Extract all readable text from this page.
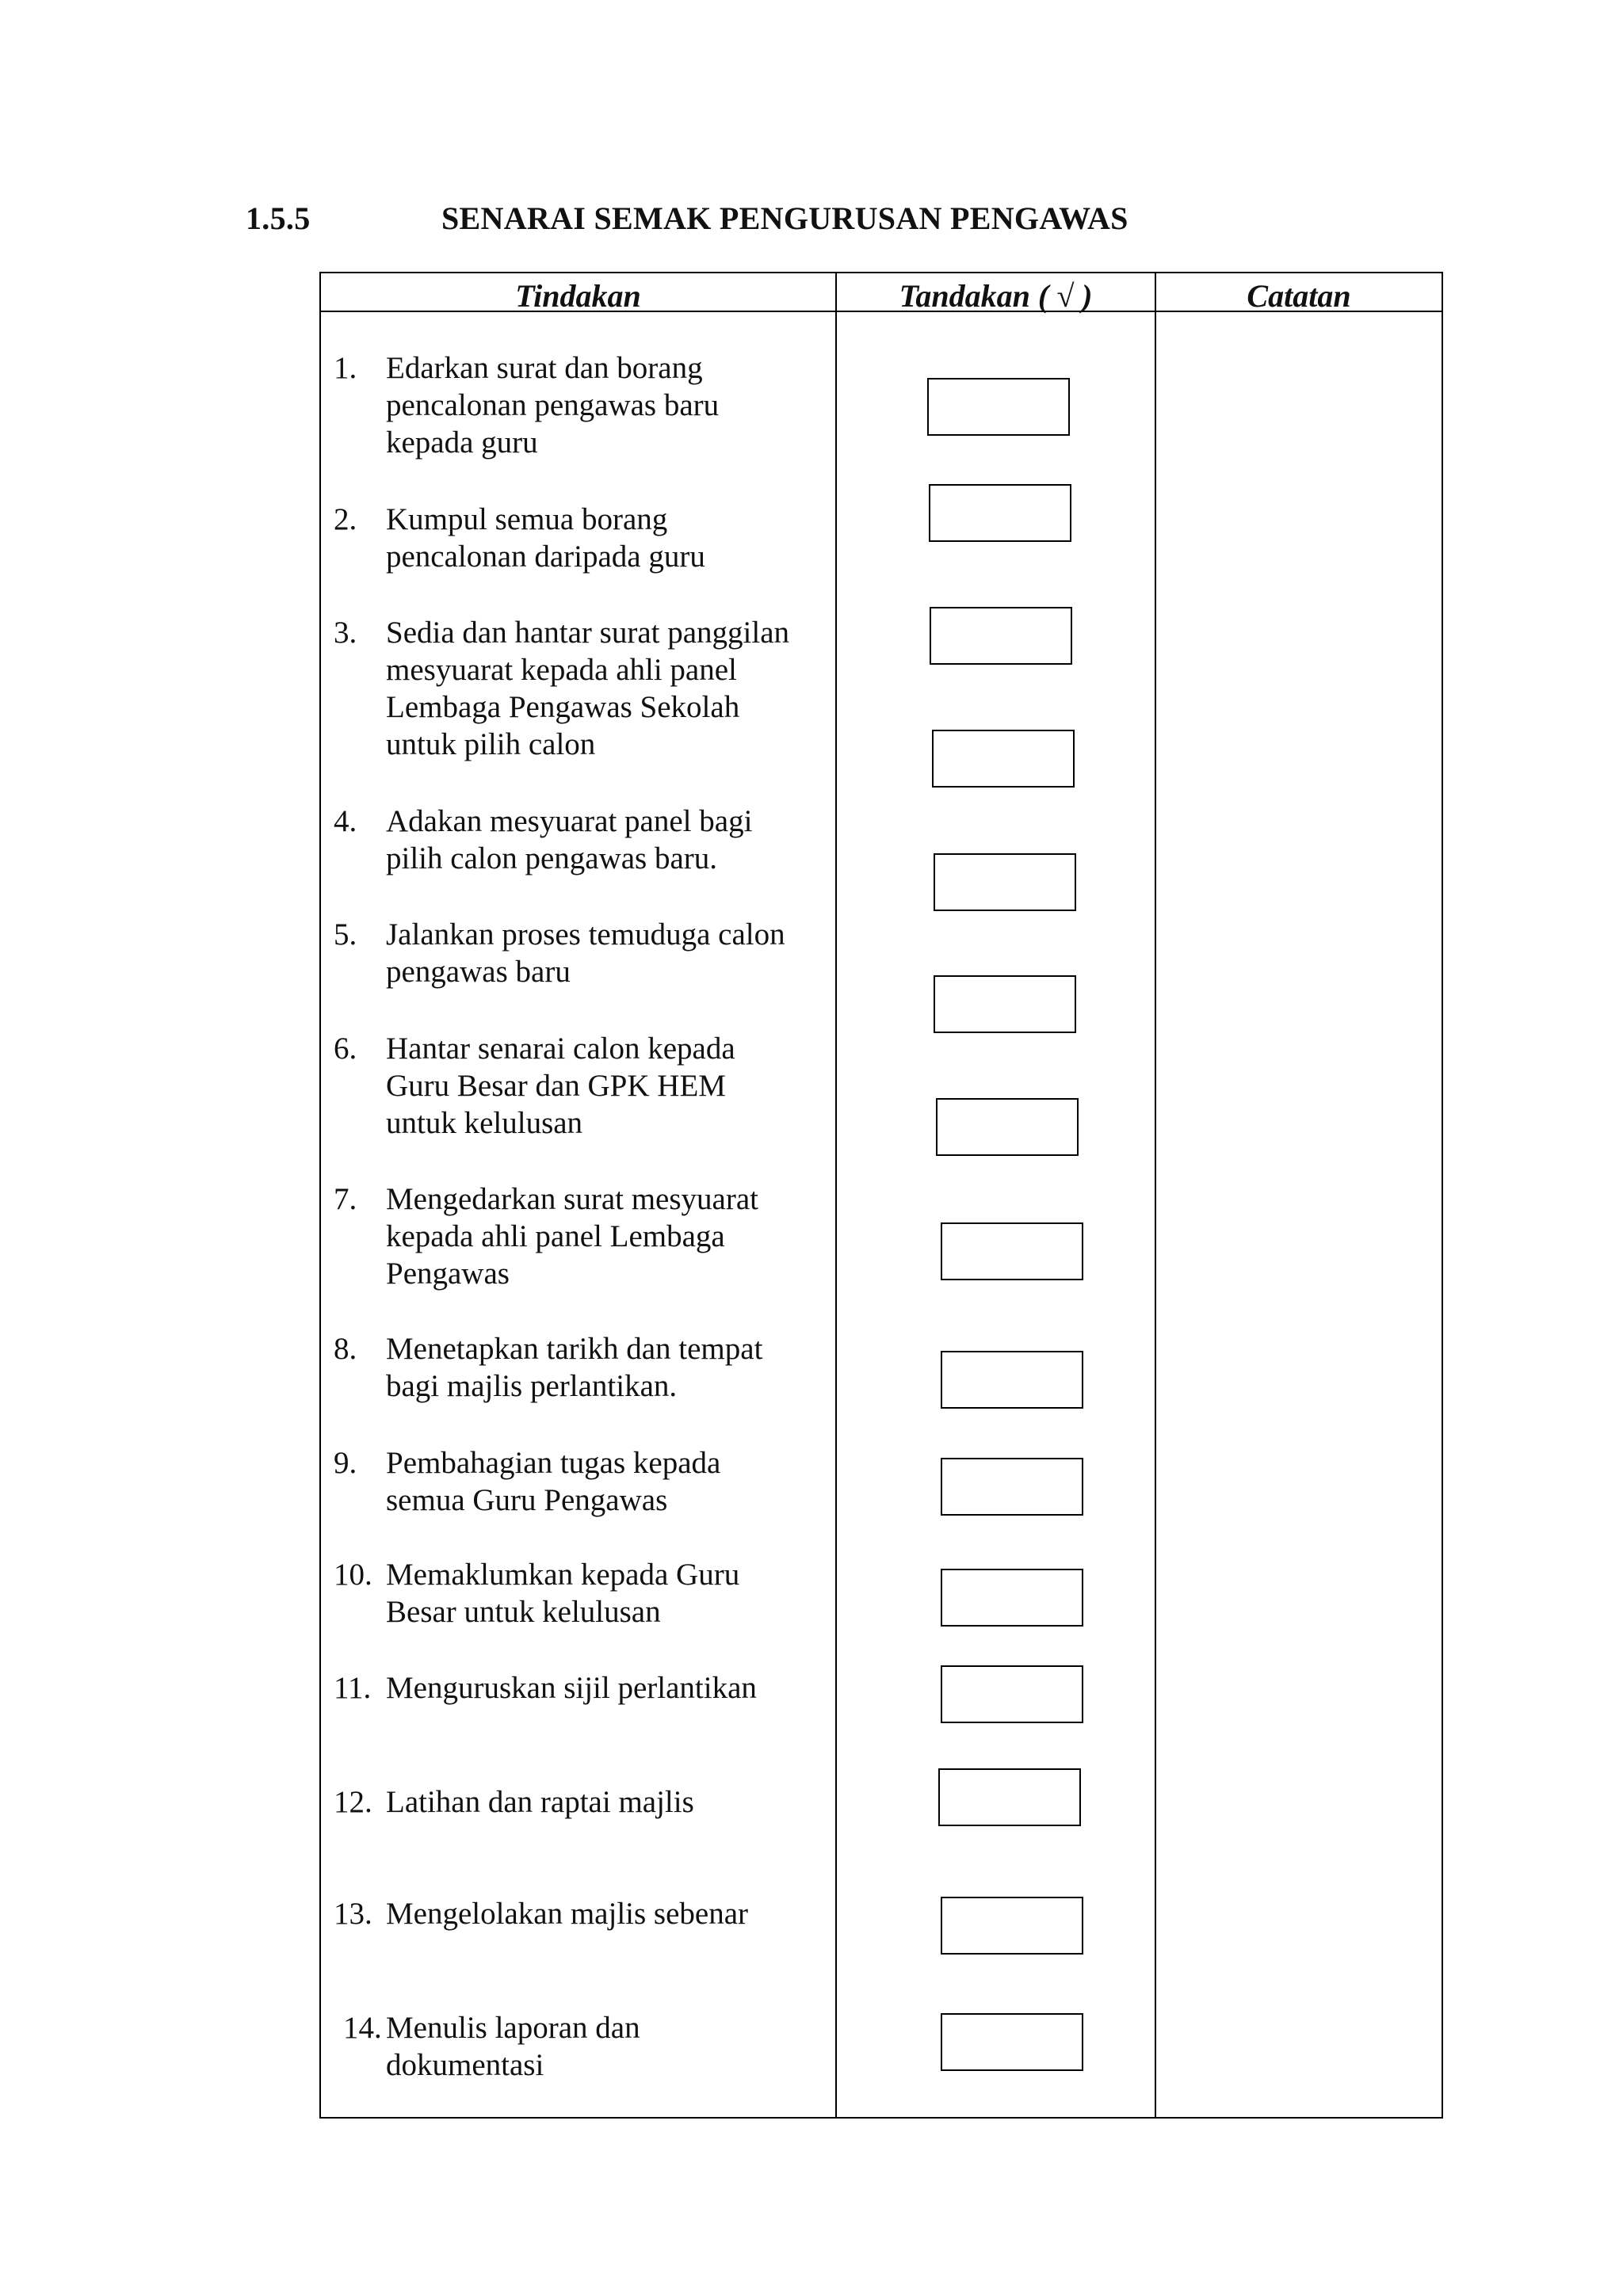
1.5.5	SENARAI SEMAK PENGURUSAN PENGAWAS
Tindakan	Tandakan ( √ )	Catatan
1. Edarkan surat dan borang
pencalonan pengawas baru
kepada guru
2. Kumpul semua borang
pencalonan daripada guru
3. Sedia dan hantar surat panggilan
mesyuarat kepada ahli panel
Lembaga Pengawas Sekolah
untuk pilih calon
4. Adakan mesyuarat panel bagi
pilih calon pengawas baru.
5. Jalankan proses temuduga calon
pengawas baru
6. Hantar senarai calon kepada
Guru Besar dan GPK HEM
untuk kelulusan
7. Mengedarkan surat mesyuarat
kepada ahli panel Lembaga
Pengawas
8. Menetapkan tarikh dan tempat
bagi majlis perlantikan.
9. Pembahagian tugas kepada
semua Guru Pengawas
10. Memaklumkan kepada Guru
Besar untuk kelulusan
11. Menguruskan sijil perlantikan
12. Latihan dan raptai majlis
13. Mengelolakan majlis sebenar
14. Menulis laporan dan
dokumentasi
